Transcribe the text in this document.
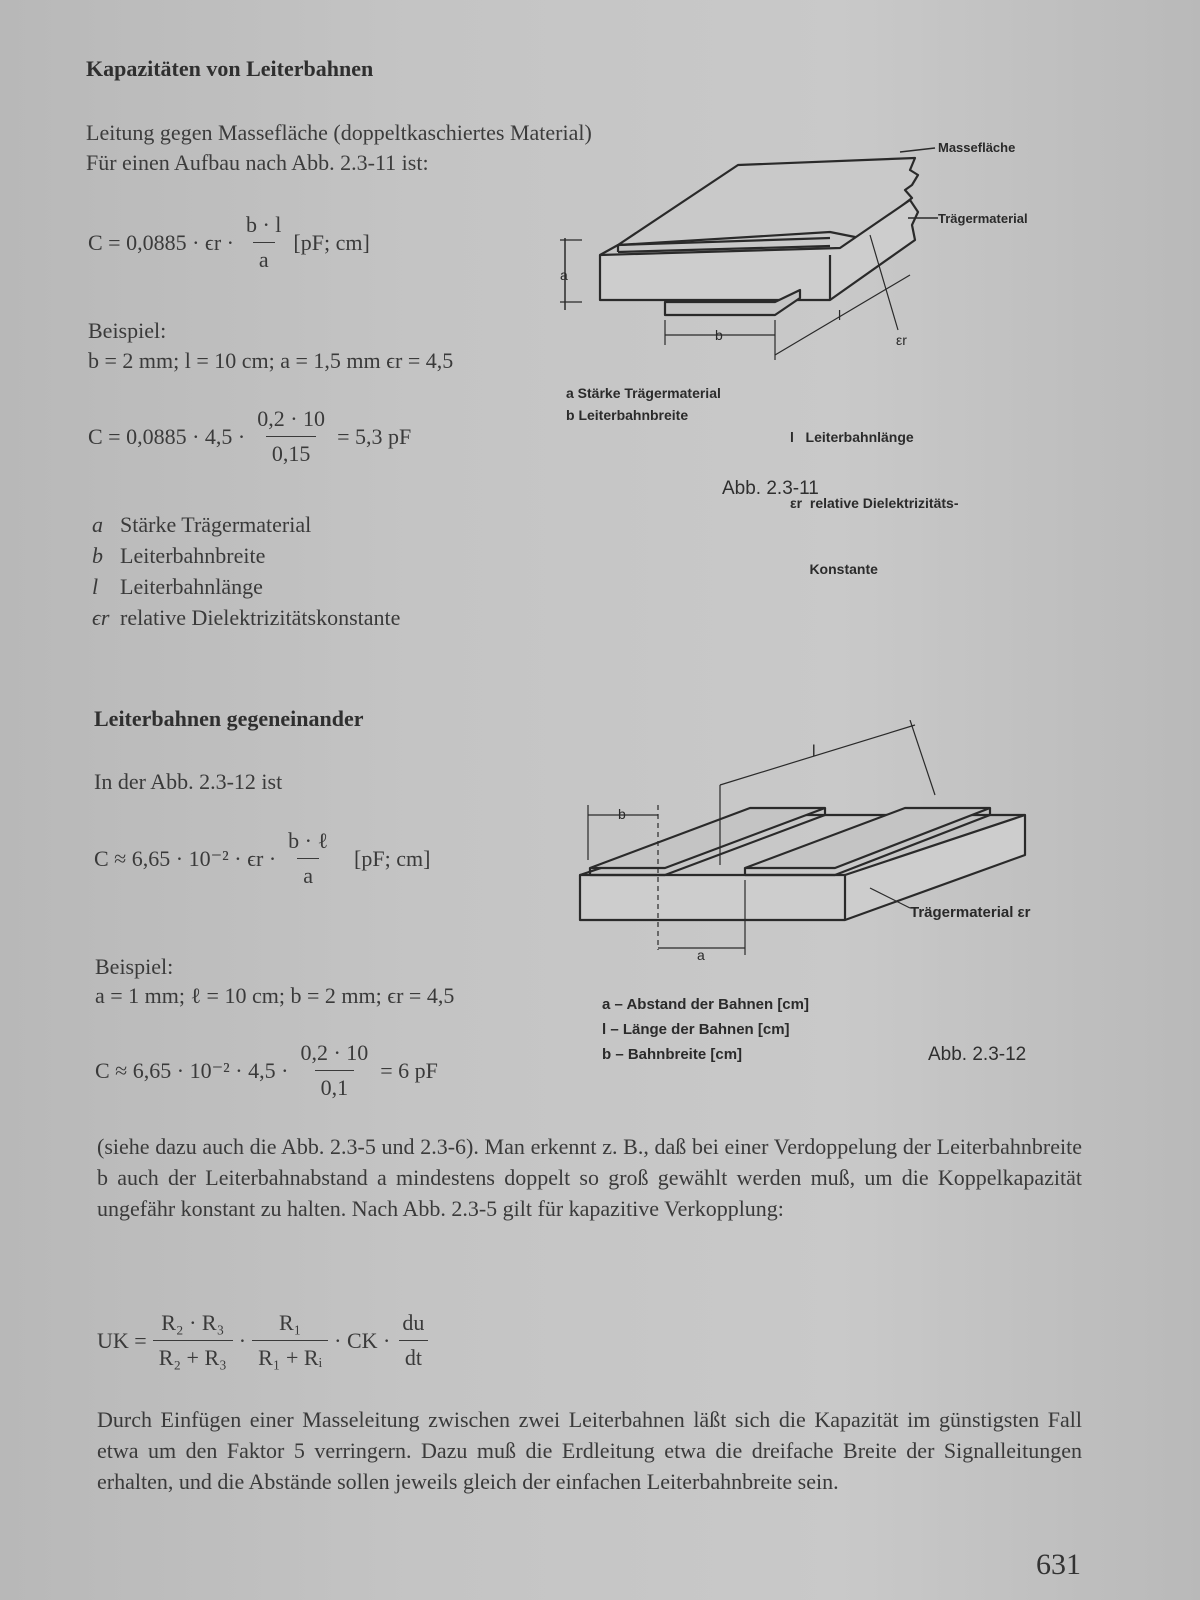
Kapazitäten von Leiterbahnen
Leitung gegen Massefläche (doppeltkaschiertes Material)
Für einen Aufbau nach Abb. 2.3-11 ist:
$C = 0,0885 \cdot \epsilon r \cdot \frac{b \cdot l}{a} [pF$; cm]
Beispiel:
b = 2 mm; l = 10 cm; a = 1,5 mm ϵr = 4,5
$C = 0,0885 \cdot 4,5 \cdot \frac{0,2 \cdot 10}{0,15} = 5,3$ pF
a Stärke Trägermaterial
b Leiterbahnbreite
l Leiterbahnlänge
ϵr relative Dielektrizitätskonstante
Massefläche
Trägermaterial
a
b
l
εr
a Stärke Trägermaterial
b Leiterbahnbreite

l   Leiterbahnlänge

εr  relative Dielektrizitäts-

Konstante

Abb. 2.3-11
Leiterbahnen gegeneinander
In der Abb. 2.3-12 ist
$C \approx 6,65 \cdot 10^{-2} \cdot \epsilon r \cdot \frac{\text{b · ℓ}}{a} [pF$; cm]
Beispiel:
a = 1 mm; ℓ = 10 cm; b = 2 mm; ϵr = 4,5
$C \approx 6,65 \cdot 10^{-2} \cdot 4,5 \cdot \frac{0,2 \cdot 10}{0,1} = 6$ pF
b
a
l
Trägermaterial εr
a – Abstand der Bahnen [cm]
l – Länge der Bahnen [cm]
b – Bahnbreite [cm]	Abb. 2.3-12
(siehe dazu auch die Abb. 2.3-5 und 2.3-6). Man erkennt z. B., daß bei einer Verdoppelung der Leiterbahnbreite b auch der Leiterbahnabstand a mindestens doppelt so groß gewählt werden muß, um die Koppelkapazität ungefähr konstant zu halten. Nach Abb. 2.3-5 gilt für kapazitive Verkopplung:
UK = $\frac{\text{R₂ · R₃}}{\text{R₂ + R₃}} \cdot \frac{\text{R₁}}{\text{R₁ + Rᵢ}}$ · CK · $\frac{du}{dt}$
Durch Einfügen einer Masseleitung zwischen zwei Leiterbahnen läßt sich die Kapazität im günstigsten Fall etwa um den Faktor 5 verringern. Dazu muß die Erdleitung etwa die dreifache Breite der Signalleitungen erhalten, und die Abstände sollen jeweils gleich der einfachen Leiterbahnbreite sein.
631
